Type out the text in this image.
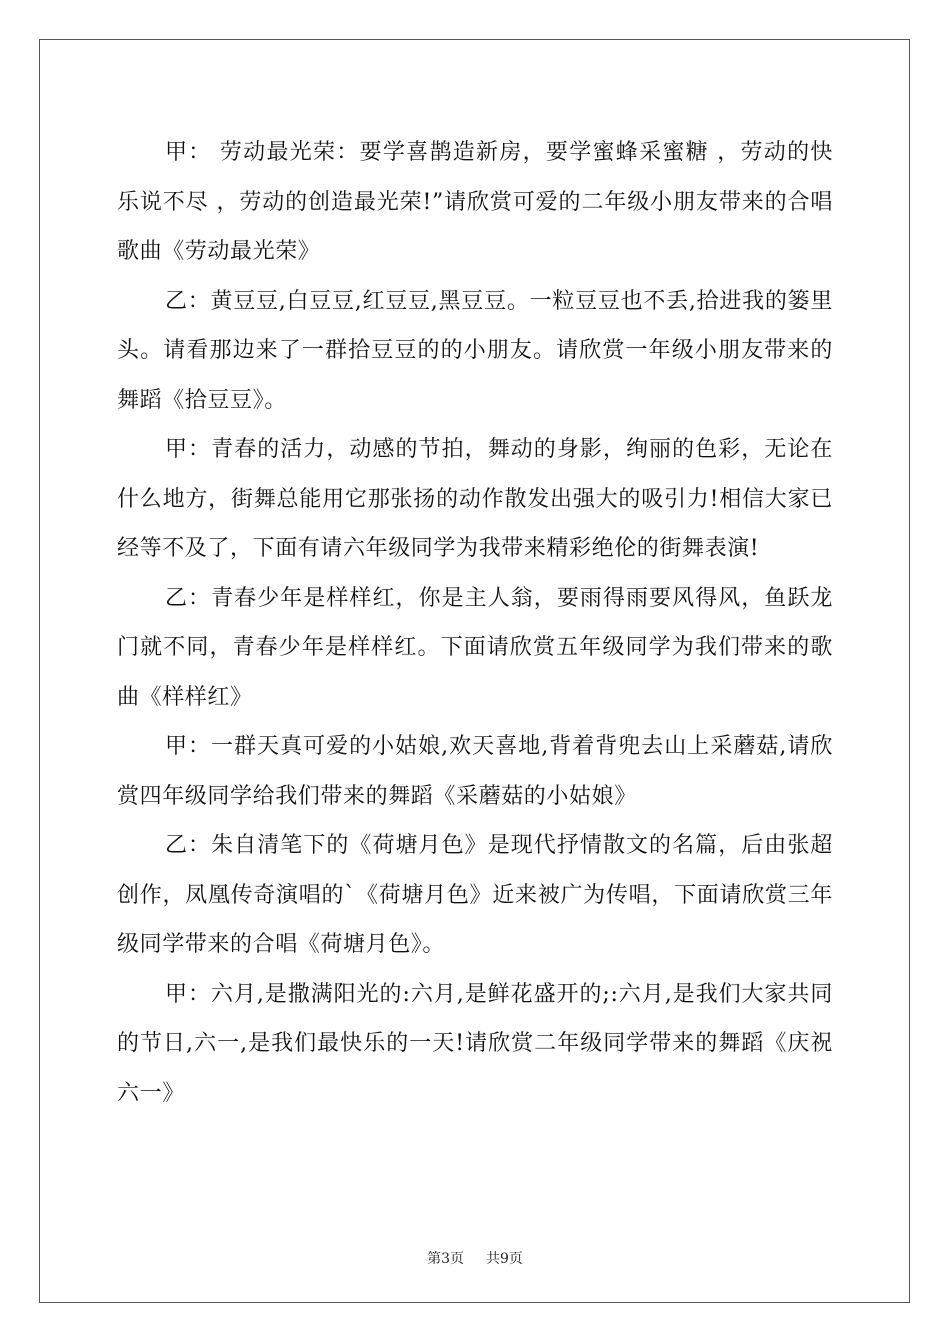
甲： 劳动最光荣：要学喜鹊造新房，要学蜜蜂采蜜糖 ，劳动的快乐说不尽 ，劳动的创造最光荣!”请欣赏可爱的二年级小朋友带来的合唱歌曲《劳动最光荣》

乙：黄豆豆,白豆豆,红豆豆,黑豆豆。一粒豆豆也不丢,拾进我的篓里头。请看那边来了一群拾豆豆的的小朋友。请欣赏一年级小朋友带来的舞蹈《拾豆豆》。

甲：青春的活力，动感的节拍，舞动的身影，绚丽的色彩，无论在什么地方，街舞总能用它那张扬的动作散发出强大的吸引力!相信大家已经等不及了，下面有请六年级同学为我带来精彩绝伦的街舞表演!

乙：青春少年是样样红，你是主人翁，要雨得雨要风得风，鱼跃龙门就不同，青春少年是样样红。下面请欣赏五年级同学为我们带来的歌曲《样样红》

甲：一群天真可爱的小姑娘,欢天喜地,背着背兜去山上采蘑菇,请欣赏四年级同学给我们带来的舞蹈《采蘑菇的小姑娘》

乙：朱自清笔下的《荷塘月色》是现代抒情散文的名篇，后由张超创作，凤凰传奇演唱的`《荷塘月色》近来被广为传唱，下面请欣赏三年级同学带来的合唱《荷塘月色》。

甲：六月,是撒满阳光的:六月,是鲜花盛开的;:六月,是我们大家共同的节日,六一,是我们最快乐的一天!请欣赏二年级同学带来的舞蹈《庆祝六一》

第3页 共9页
